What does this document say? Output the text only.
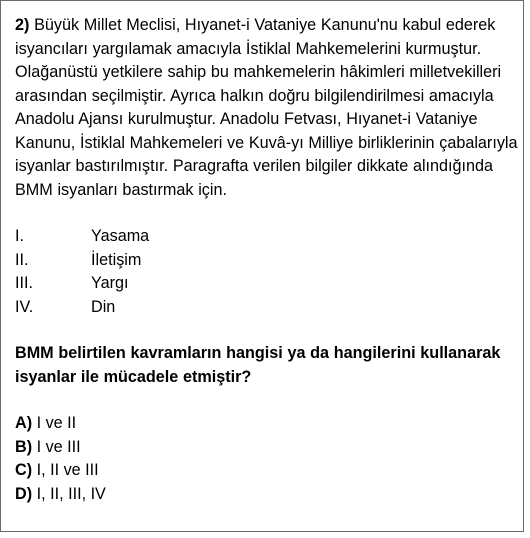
2) Büyük Millet Meclisi, Hıyanet-i Vataniye Kanunu'nu kabul ederek isyancıları yargılamak amacıyla İstiklal Mahkemelerini kurmuştur. Olağanüstü yetkilere sahip bu mahkemelerin hâkimleri milletvekilleri arasından seçilmiştir. Ayrıca halkın doğru bilgilendirilmesi amacıyla Anadolu Ajansı kurulmuştur. Anadolu Fetvası, Hıyanet-i Vataniye Kanunu, İstiklal Mahkemeleri ve Kuvâ-yı Milliye birliklerinin çabalarıyla isyanlar bastırılmıştır. Paragrafta verilen bilgiler dikkate alındığında BMM isyanları bastırmak için.

I.	Yasama
II.	İletişim
III.	Yargı
IV.	Din

BMM belirtilen kavramların hangisi ya da hangilerini kullanarak isyanlar ile mücadele etmiştir?

A) I ve II
B) I ve III
C) I, II ve III
D) I, II, III, IV
